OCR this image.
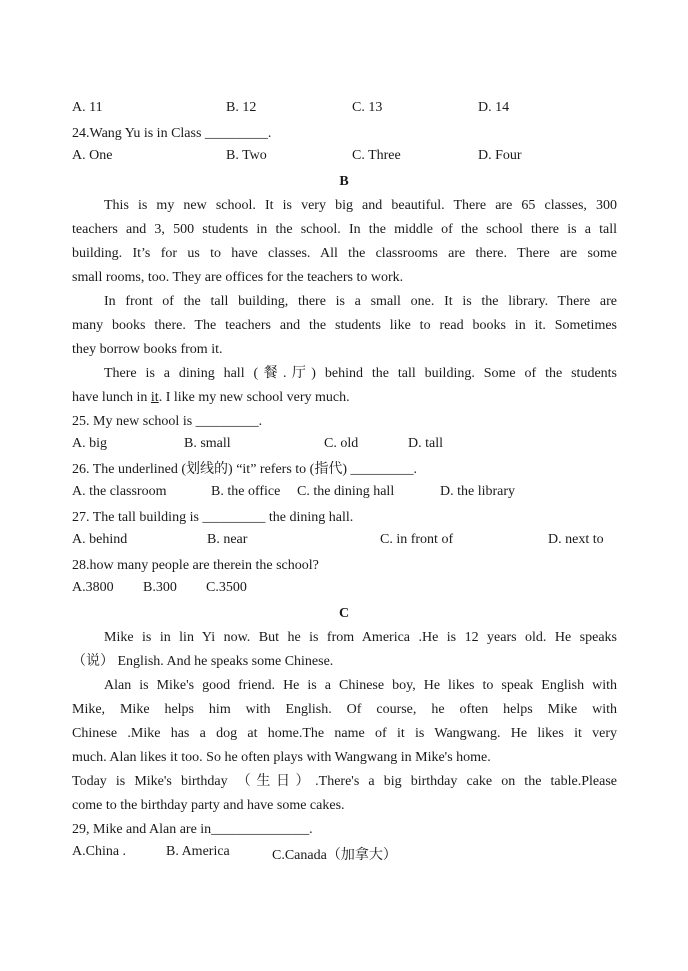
A. 11	B. 12	C. 13	D. 14
24.Wang Yu is in Class _________.
A. One	B. Two	C. Three	D. Four
B
This is my new school. It is very big and beautiful. There are 65 classes, 300
teachers and 3, 500 students in the school. In the middle of the school there is a tall
building. It’s for us to have classes. All the classrooms are there. There are some
small rooms, too. They are offices for the teachers to work.
In front of the tall building, there is a small one. It is the library. There are
many books there. The teachers and the students like to read books in it. Sometimes
they borrow books from it.
There is a dining hall (餐.厅) behind the tall building. Some of the students
have lunch in it. I like my new school very much.
25. My new school is _________.
A. big	B. small	C. old	D. tall
26. The underlined (划线的) “it” refers to (指代) _________.
A. the classroom	B. the office C. the dining hall	D. the library
27. The tall building is _________ the dining hall.
A. behind	B. near	C. in front of	D. next to
28.how many people are therein the school?
A.3800 B.300 C.3500
C
Mike is in lin Yi now. But he is from America .He is 12 years old. He speaks
（说） English. And he speaks some Chinese.
Alan is Mike's good friend. He is a Chinese boy, He likes to speak English with
Mike, Mike helps him with English. Of course, he often helps Mike with
Chinese .Mike has a dog at home.The name of it is Wangwang. He likes it very
much. Alan likes it too. So he often plays with Wangwang in Mike's home.
Today is Mike's birthday （生日）.There's a big birthday cake on the table.Please
come to the birthday party and have some cakes.
29, Mike and Alan are in______________.
A.China .	B. America	C.Canada（加拿大）
